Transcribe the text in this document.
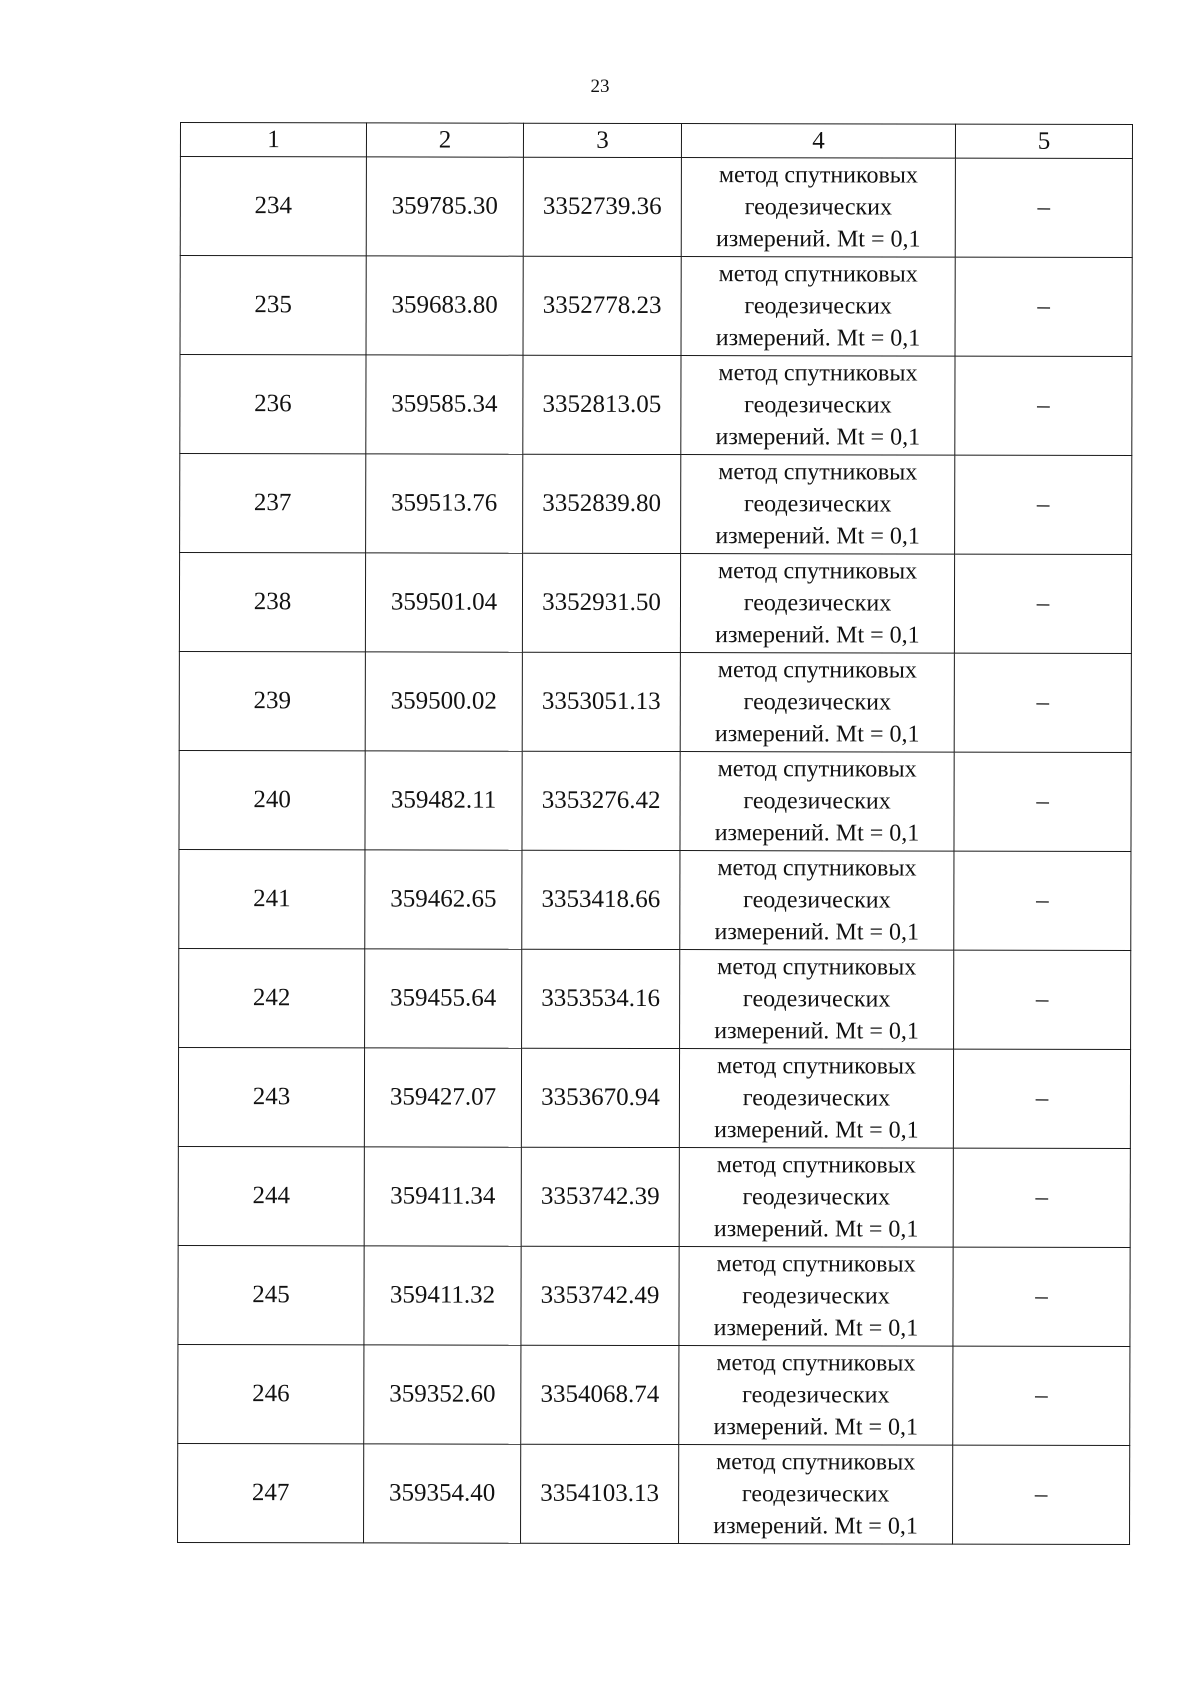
23
1	2	3	4	5
234	359785.30	3352739.36	метод спутниковых
геодезических
измерений. Mt = 0,1	–
235	359683.80	3352778.23	метод спутниковых
геодезических
измерений. Mt = 0,1	–
236	359585.34	3352813.05	метод спутниковых
геодезических
измерений. Mt = 0,1	–
237	359513.76	3352839.80	метод спутниковых
геодезических
измерений. Mt = 0,1	–
238	359501.04	3352931.50	метод спутниковых
геодезических
измерений. Mt = 0,1	–
239	359500.02	3353051.13	метод спутниковых
геодезических
измерений. Mt = 0,1	–
240	359482.11	3353276.42	метод спутниковых
геодезических
измерений. Mt = 0,1	–
241	359462.65	3353418.66	метод спутниковых
геодезических
измерений. Mt = 0,1	–
242	359455.64	3353534.16	метод спутниковых
геодезических
измерений. Mt = 0,1	–
243	359427.07	3353670.94	метод спутниковых
геодезических
измерений. Mt = 0,1	–
244	359411.34	3353742.39	метод спутниковых
геодезических
измерений. Mt = 0,1	–
245	359411.32	3353742.49	метод спутниковых
геодезических
измерений. Mt = 0,1	–
246	359352.60	3354068.74	метод спутниковых
геодезических
измерений. Mt = 0,1	–
247	359354.40	3354103.13	метод спутниковых
геодезических
измерений. Mt = 0,1	–
